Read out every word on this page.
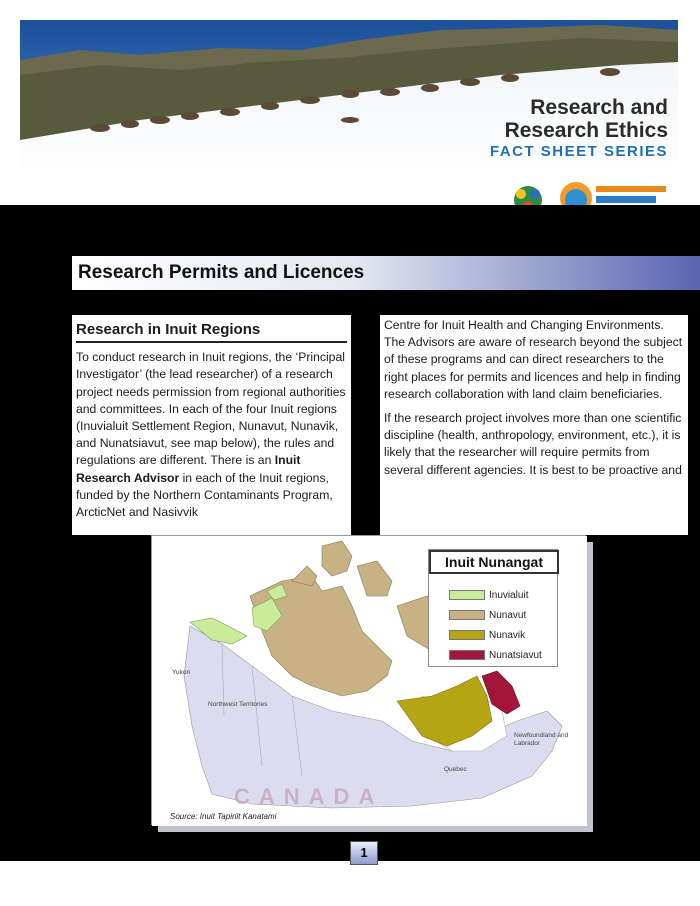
Research and
Research Ethics
FACT SHEET SERIES
Research Permits and Licences
Research in Inuit Regions
To conduct research in Inuit regions, the ‘Principal Investigator’ (the lead researcher) of a research project needs permission from regional authorities and committees. In each of the four Inuit regions (Inuvialuit Settlement Region, Nunavut, Nunavik, and Nunatsiavut, see map below), the rules and regulations are different. There is an Inuit Research Advisor in each of the Inuit regions, funded by the Northern Contaminants Program, ArcticNet and Nasivvik
Centre for Inuit Health and Changing Environments. The Advisors are aware of research beyond the subject of these programs and can direct researchers to the right places for permits and licences and help in finding research collaboration with land claim beneficiaries.
If the research project involves more than one scientific discipline (health, anthropology, environment, etc.), it is likely that the researcher will require permits from several different agencies. It is best to be proactive and
Yukon
Northwest Territories
Newfoundland and Labrador
Quebec
CANADA
Inuit Nunangat
Inuvialuit
Nunavut
Nunavik
Nunatsiavut
Source: Inuit Tapiriit Kanatami
1
